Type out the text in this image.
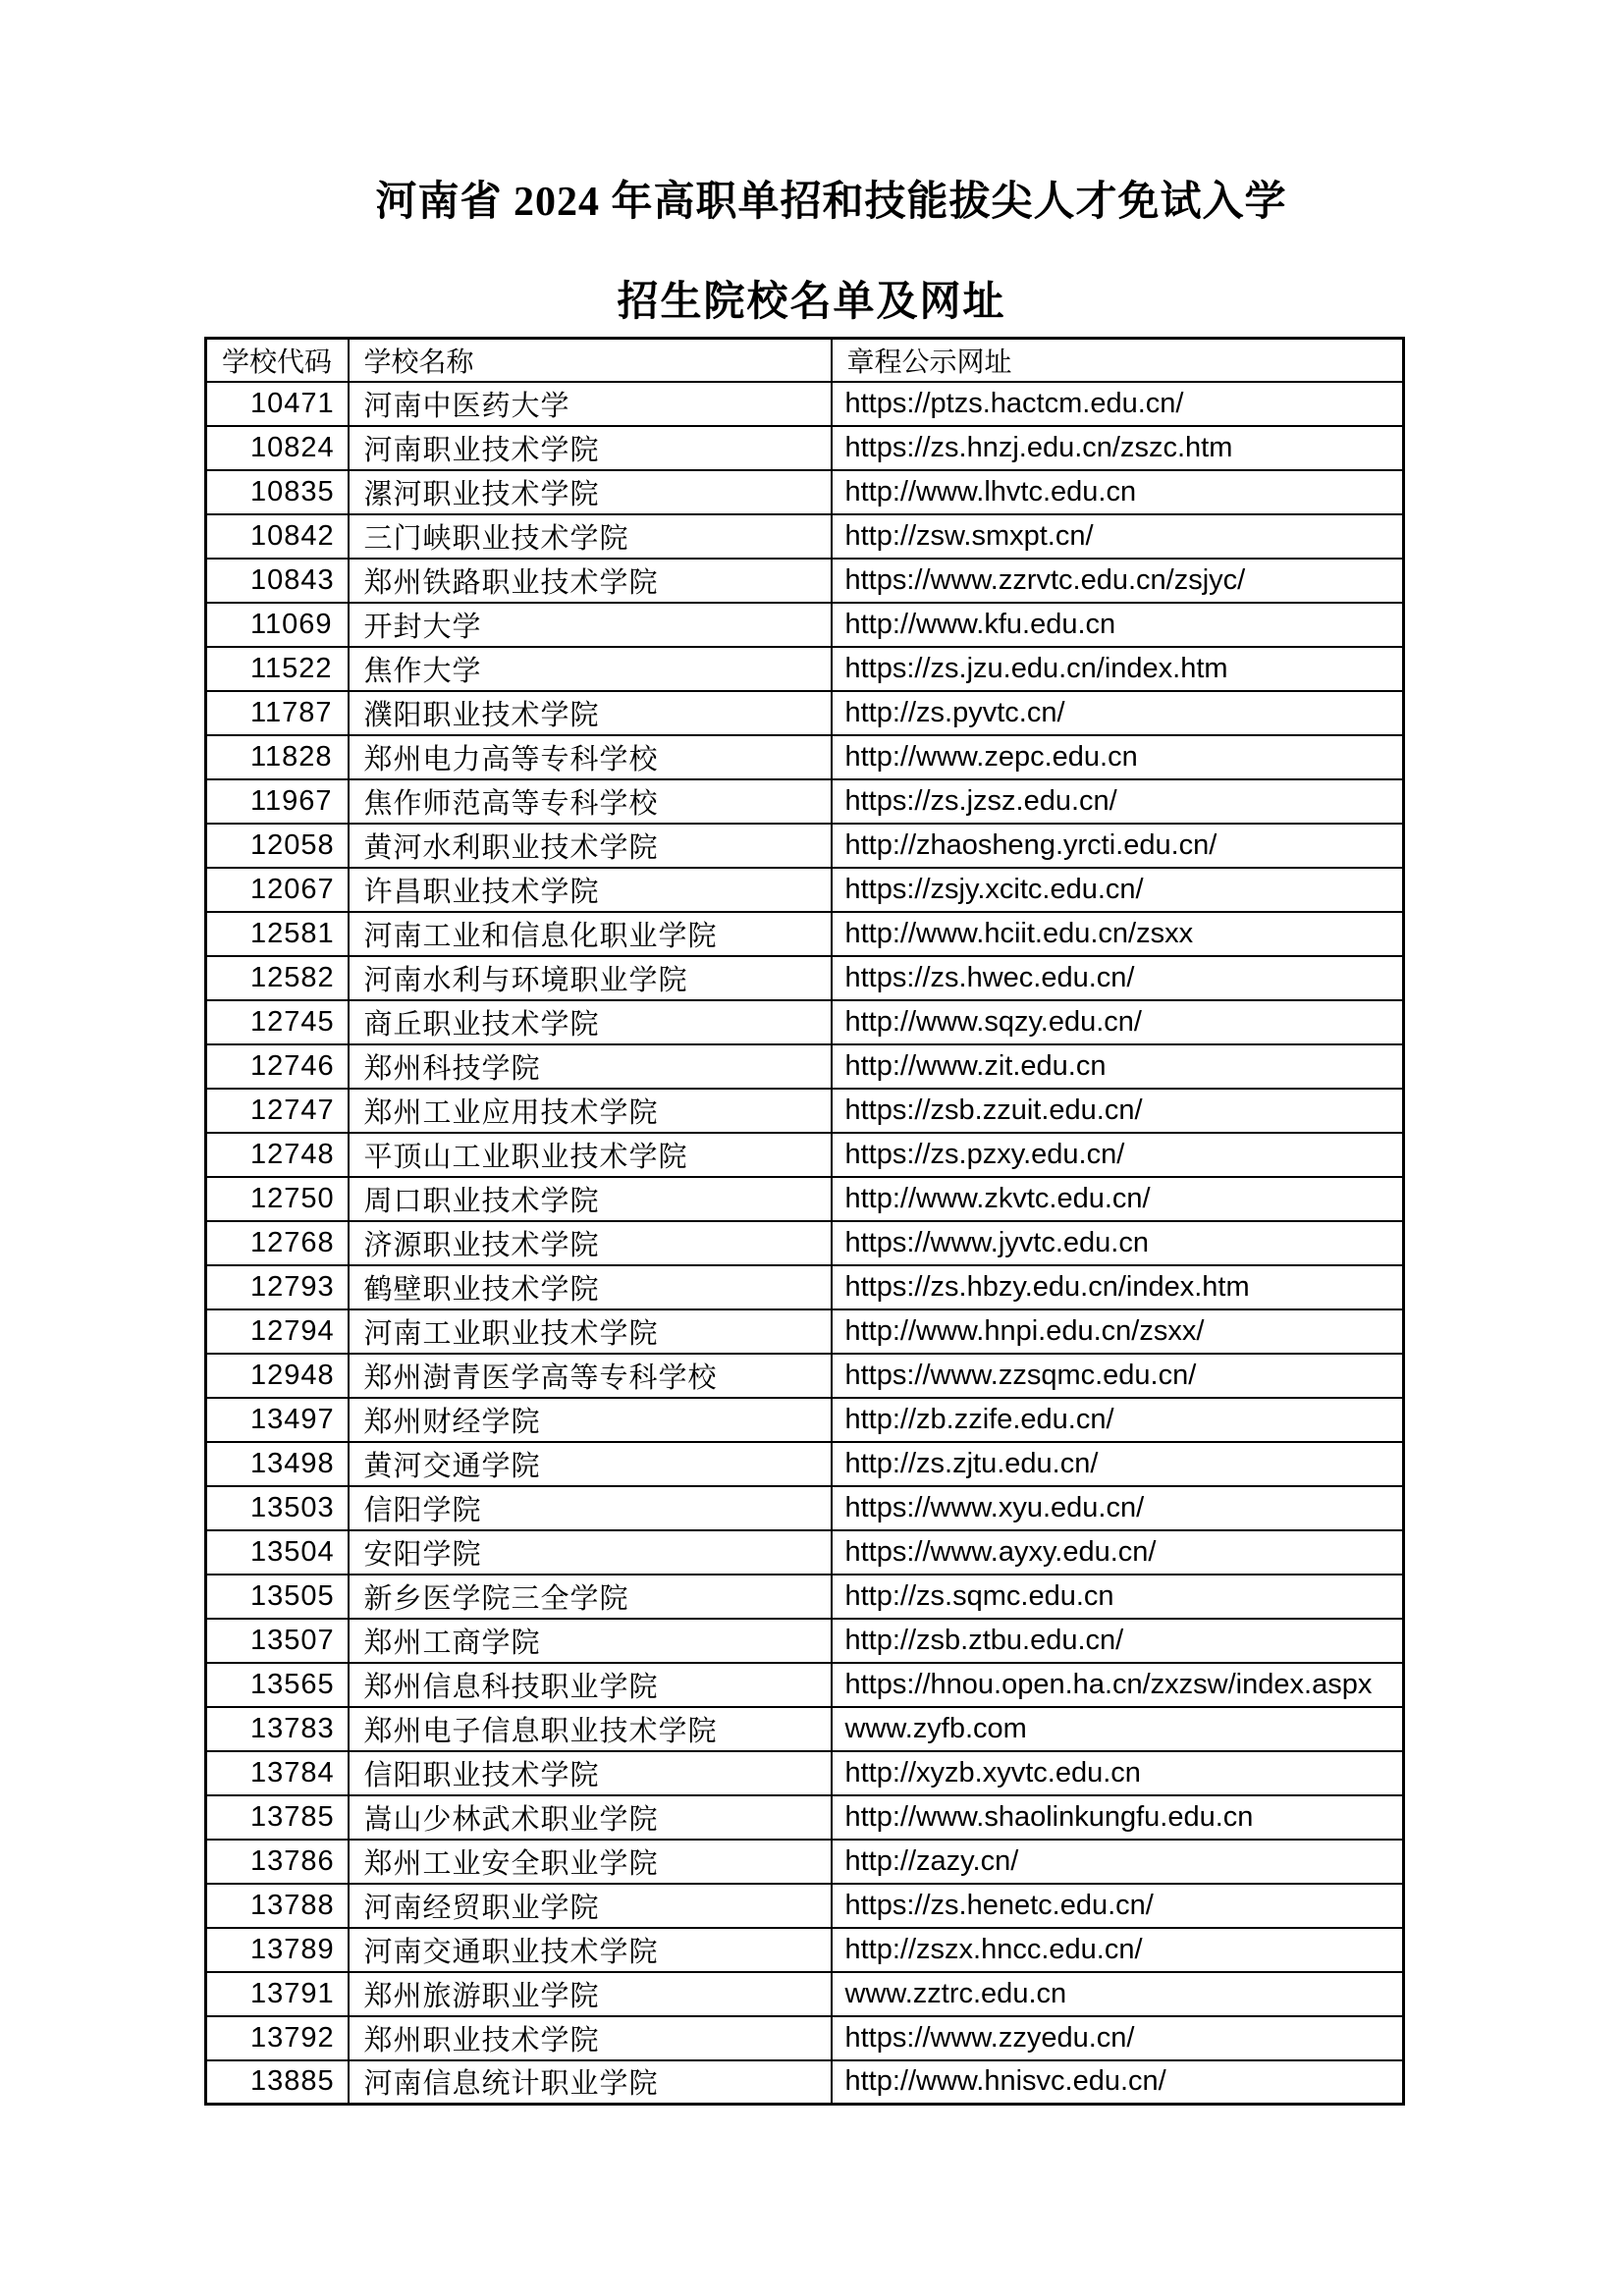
河南省 2024 年高职单招和技能拔尖人才免试入学
招生院校名单及网址
学校代码	学校名称	章程公示网址
10471	河南中医药大学	https://ptzs.hactcm.edu.cn/
10824	河南职业技术学院	https://zs.hnzj.edu.cn/zszc.htm
10835	漯河职业技术学院	http://www.lhvtc.edu.cn
10842	三门峡职业技术学院	http://zsw.smxpt.cn/
10843	郑州铁路职业技术学院	https://www.zzrvtc.edu.cn/zsjyc/
11069	开封大学	http://www.kfu.edu.cn
11522	焦作大学	https://zs.jzu.edu.cn/index.htm
11787	濮阳职业技术学院	http://zs.pyvtc.cn/
11828	郑州电力高等专科学校	http://www.zepc.edu.cn
11967	焦作师范高等专科学校	https://zs.jzsz.edu.cn/
12058	黄河水利职业技术学院	http://zhaosheng.yrcti.edu.cn/
12067	许昌职业技术学院	https://zsjy.xcitc.edu.cn/
12581	河南工业和信息化职业学院	http://www.hciit.edu.cn/zsxx
12582	河南水利与环境职业学院	https://zs.hwec.edu.cn/
12745	商丘职业技术学院	http://www.sqzy.edu.cn/
12746	郑州科技学院	http://www.zit.edu.cn
12747	郑州工业应用技术学院	https://zsb.zzuit.edu.cn/
12748	平顶山工业职业技术学院	https://zs.pzxy.edu.cn/
12750	周口职业技术学院	http://www.zkvtc.edu.cn/
12768	济源职业技术学院	https://www.jyvtc.edu.cn
12793	鹤壁职业技术学院	https://zs.hbzy.edu.cn/index.htm
12794	河南工业职业技术学院	http://www.hnpi.edu.cn/zsxx/
12948	郑州澍青医学高等专科学校	https://www.zzsqmc.edu.cn/
13497	郑州财经学院	http://zb.zzife.edu.cn/
13498	黄河交通学院	http://zs.zjtu.edu.cn/
13503	信阳学院	https://www.xyu.edu.cn/
13504	安阳学院	https://www.ayxy.edu.cn/
13505	新乡医学院三全学院	http://zs.sqmc.edu.cn
13507	郑州工商学院	http://zsb.ztbu.edu.cn/
13565	郑州信息科技职业学院	https://hnou.open.ha.cn/zxzsw/index.aspx
13783	郑州电子信息职业技术学院	www.zyfb.com
13784	信阳职业技术学院	http://xyzb.xyvtc.edu.cn
13785	嵩山少林武术职业学院	http://www.shaolinkungfu.edu.cn
13786	郑州工业安全职业学院	http://zazy.cn/
13788	河南经贸职业学院	https://zs.henetc.edu.cn/
13789	河南交通职业技术学院	http://zszx.hncc.edu.cn/
13791	郑州旅游职业学院	www.zztrc.edu.cn
13792	郑州职业技术学院	https://www.zzyedu.cn/
13885	河南信息统计职业学院	http://www.hnisvc.edu.cn/
